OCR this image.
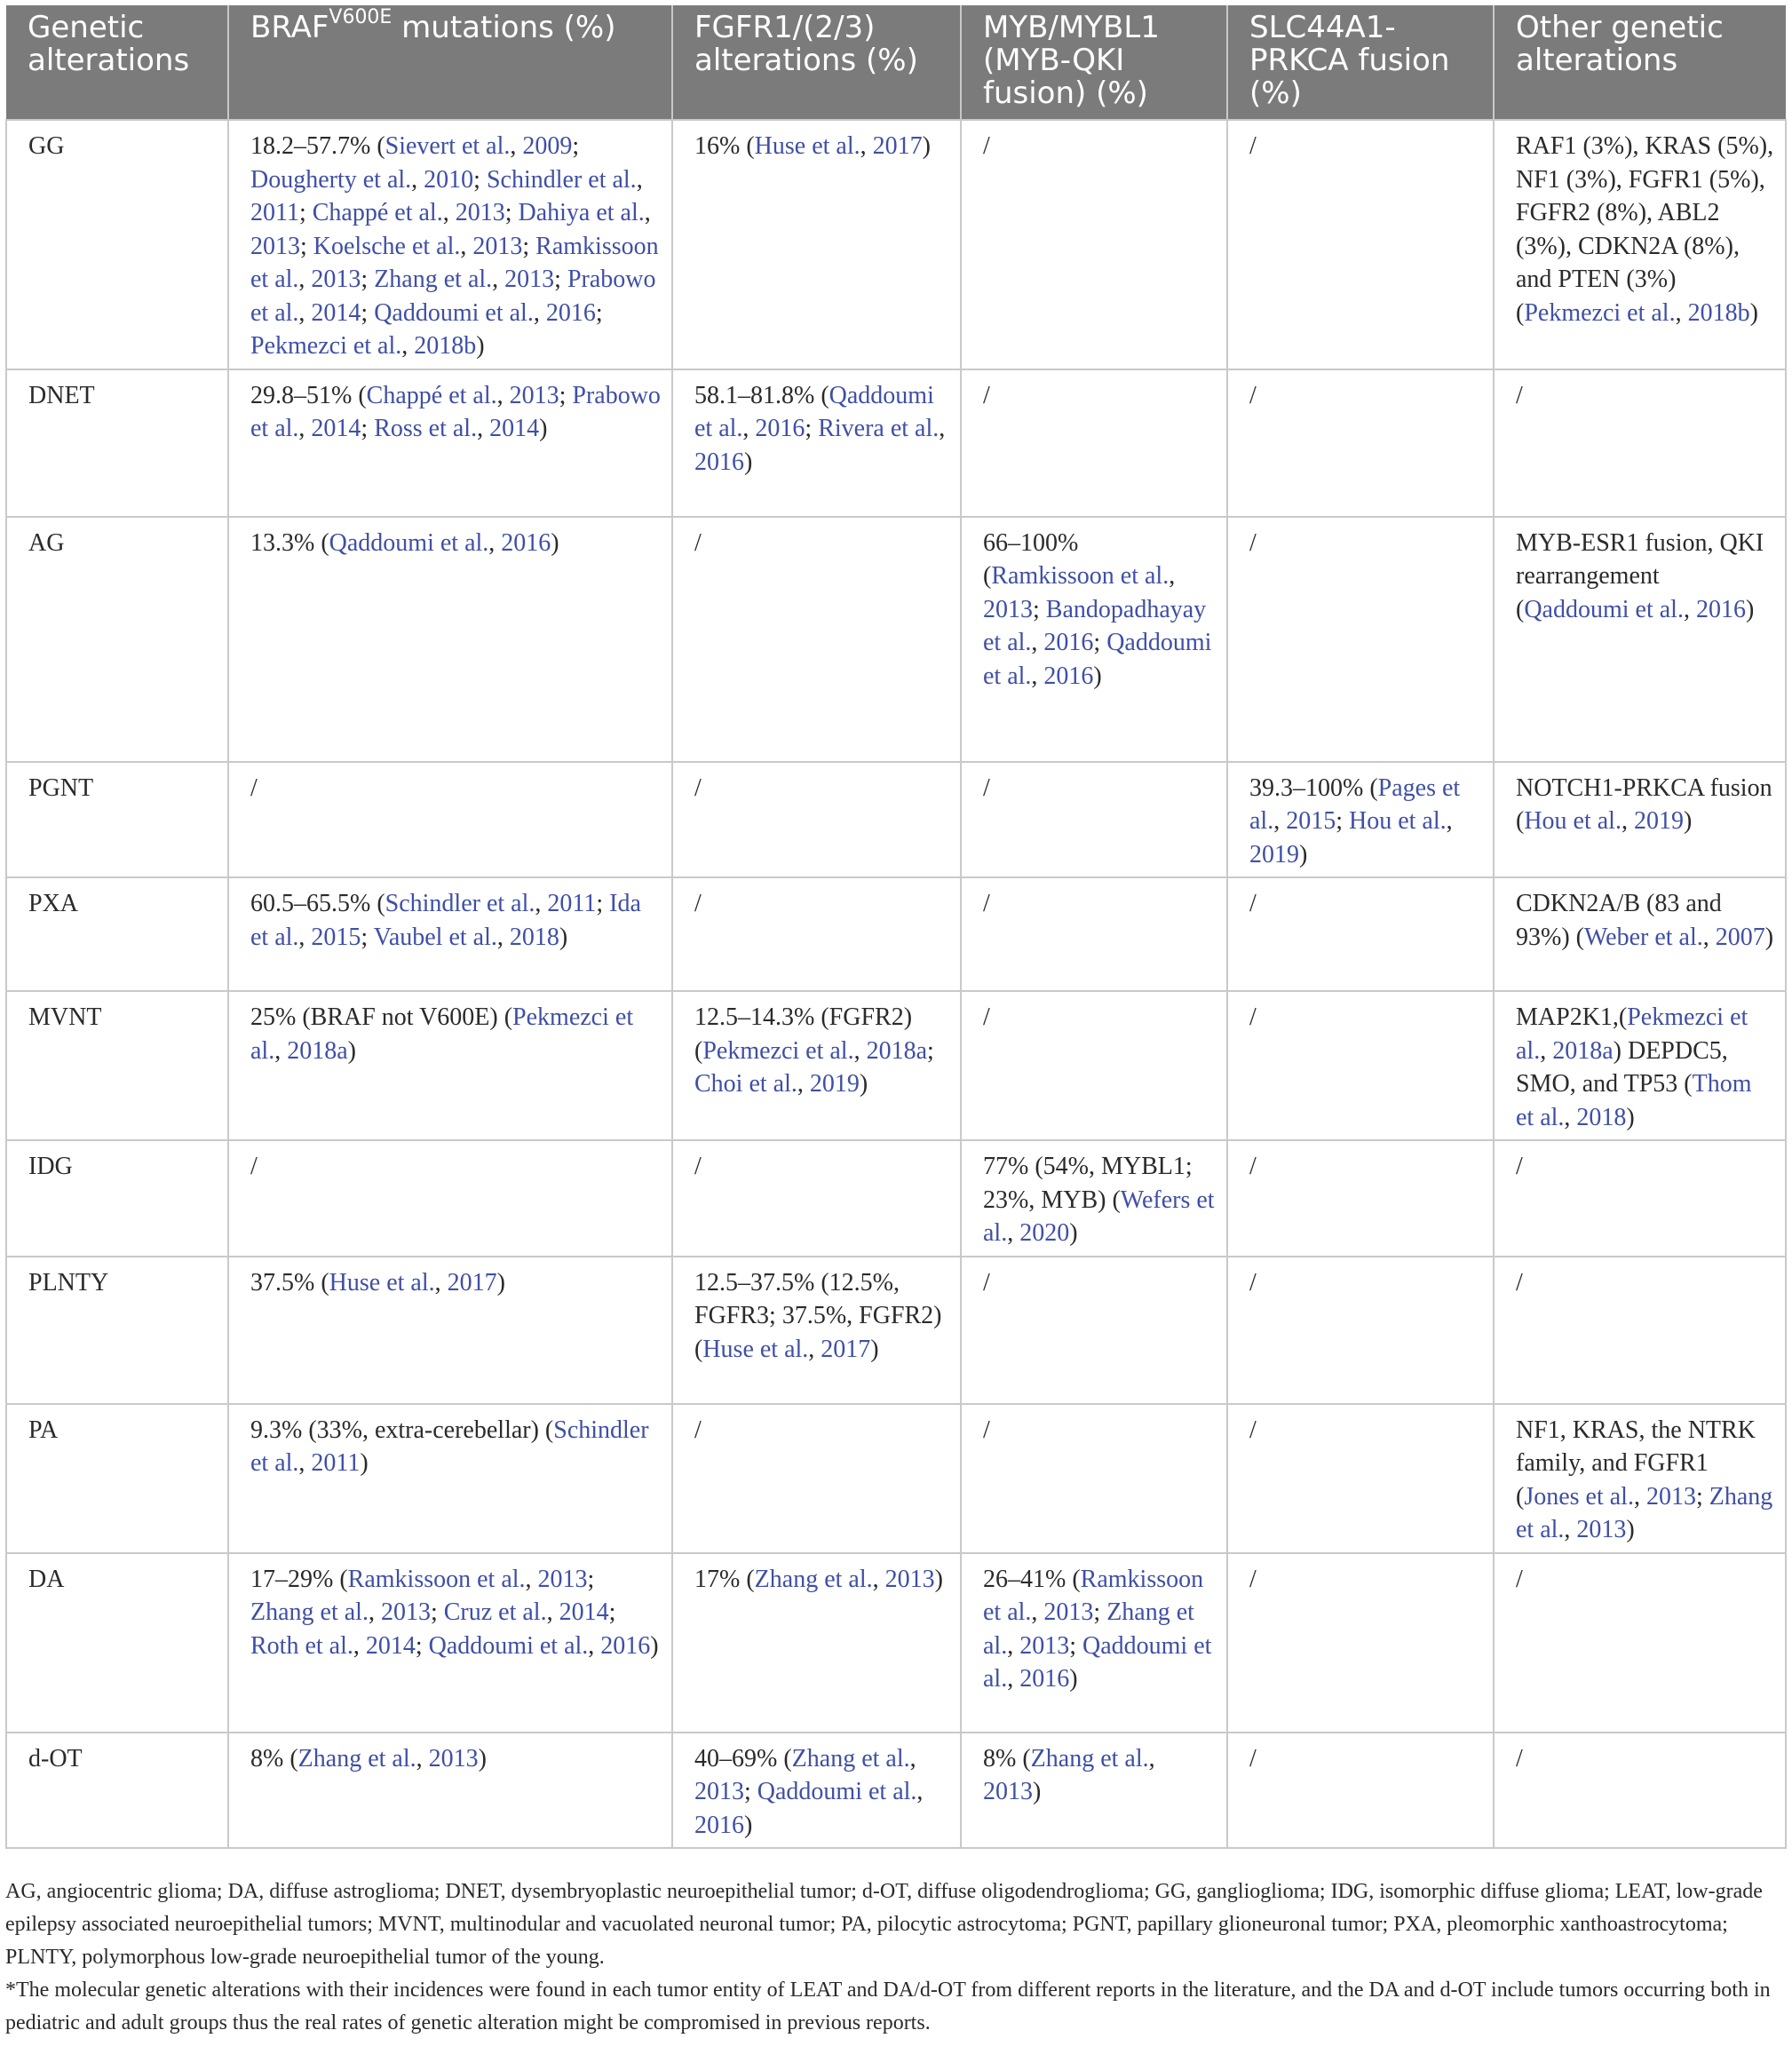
Genetic alterations	$BRAF^{V600E}$ mutations (%)	FGFR1/(2/3) alterations (%)	MYB/MYBL1 (MYB-QKI fusion) (%)	SLC44A1-PRKCA fusion (%)	Other genetic alterations
GG	18.2–57.7% (Sievert et al., 2009; Dougherty et al., 2010; Schindler et al., 2011; Chappé et al., 2013; Dahiya et al., 2013; Koelsche et al., 2013; Ramkissoon et al., 2013; Zhang et al., 2013; Prabowo et al., 2014; Qaddoumi et al., 2016; Pekmezci et al., 2018b)	16% (Huse et al., 2017)	/	/	RAF1 (3%), KRAS (5%), NF1 (3%), FGFR1 (5%), FGFR2 (8%), ABL2 (3%), CDKN2A (8%), and PTEN (3%) (Pekmezci et al., 2018b)
DNET	29.8–51% (Chappé et al., 2013; Prabowo et al., 2014; Ross et al., 2014)	58.1–81.8% (Qaddoumi et al., 2016; Rivera et al., 2016)	/	/	/
AG	13.3% (Qaddoumi et al., 2016)	/	66–100% (Ramkissoon et al., 2013; Bandopadhayay et al., 2016; Qaddoumi et al., 2016)	/	MYB-ESR1 fusion, QKI rearrangement (Qaddoumi et al., 2016)
PGNT	/	/	/	39.3–100% (Pages et al., 2015; Hou et al., 2019)	NOTCH1-PRKCA fusion (Hou et al., 2019)
PXA	60.5–65.5% (Schindler et al., 2011; Ida et al., 2015; Vaubel et al., 2018)	/	/	/	CDKN2A/B (83 and 93%) (Weber et al., 2007)
MVNT	25% (BRAF not V600E) (Pekmezci et al., 2018a)	12.5–14.3% (FGFR2) (Pekmezci et al., 2018a; Choi et al., 2019)	/	/	MAP2K1,(Pekmezci et al., 2018a) DEPDC5, SMO, and TP53 (Thom et al., 2018)
IDG	/	/	77% (54%, MYBL1; 23%, MYB) (Wefers et al., 2020)	/	/
PLNTY	37.5% (Huse et al., 2017)	12.5–37.5% (12.5%, FGFR3; 37.5%, FGFR2) (Huse et al., 2017)	/	/	/
PA	9.3% (33%, extra-cerebellar) (Schindler et al., 2011)	/	/	/	NF1, KRAS, the NTRK family, and FGFR1 (Jones et al., 2013; Zhang et al., 2013)
DA	17–29% (Ramkissoon et al., 2013; Zhang et al., 2013; Cruz et al., 2014; Roth et al., 2014; Qaddoumi et al., 2016)	17% (Zhang et al., 2013)	26–41% (Ramkissoon et al., 2013; Zhang et al., 2013; Qaddoumi et al., 2016)	/	/
d-OT	8% (Zhang et al., 2013)	40–69% (Zhang et al., 2013; Qaddoumi et al., 2016)	8% (Zhang et al., 2013)	/	/

AG, angiocentric glioma; DA, diffuse astroglioma; DNET, dysembryoplastic neuroepithelial tumor; d-OT, diffuse oligodendroglioma; GG, ganglioglioma; IDG, isomorphic diffuse glioma; LEAT, low-grade epilepsy associated neuroepithelial tumors; MVNT, multinodular and vacuolated neuronal tumor; PA, pilocytic astrocytoma; PGNT, papillary glioneuronal tumor; PXA, pleomorphic xanthoastrocytoma; PLNTY, polymorphous low-grade neuroepithelial tumor of the young.

*The molecular genetic alterations with their incidences were found in each tumor entity of LEAT and DA/d-OT from different reports in the literature, and the DA and d-OT include tumors occurring both in pediatric and adult groups thus the real rates of genetic alteration might be compromised in previous reports.
